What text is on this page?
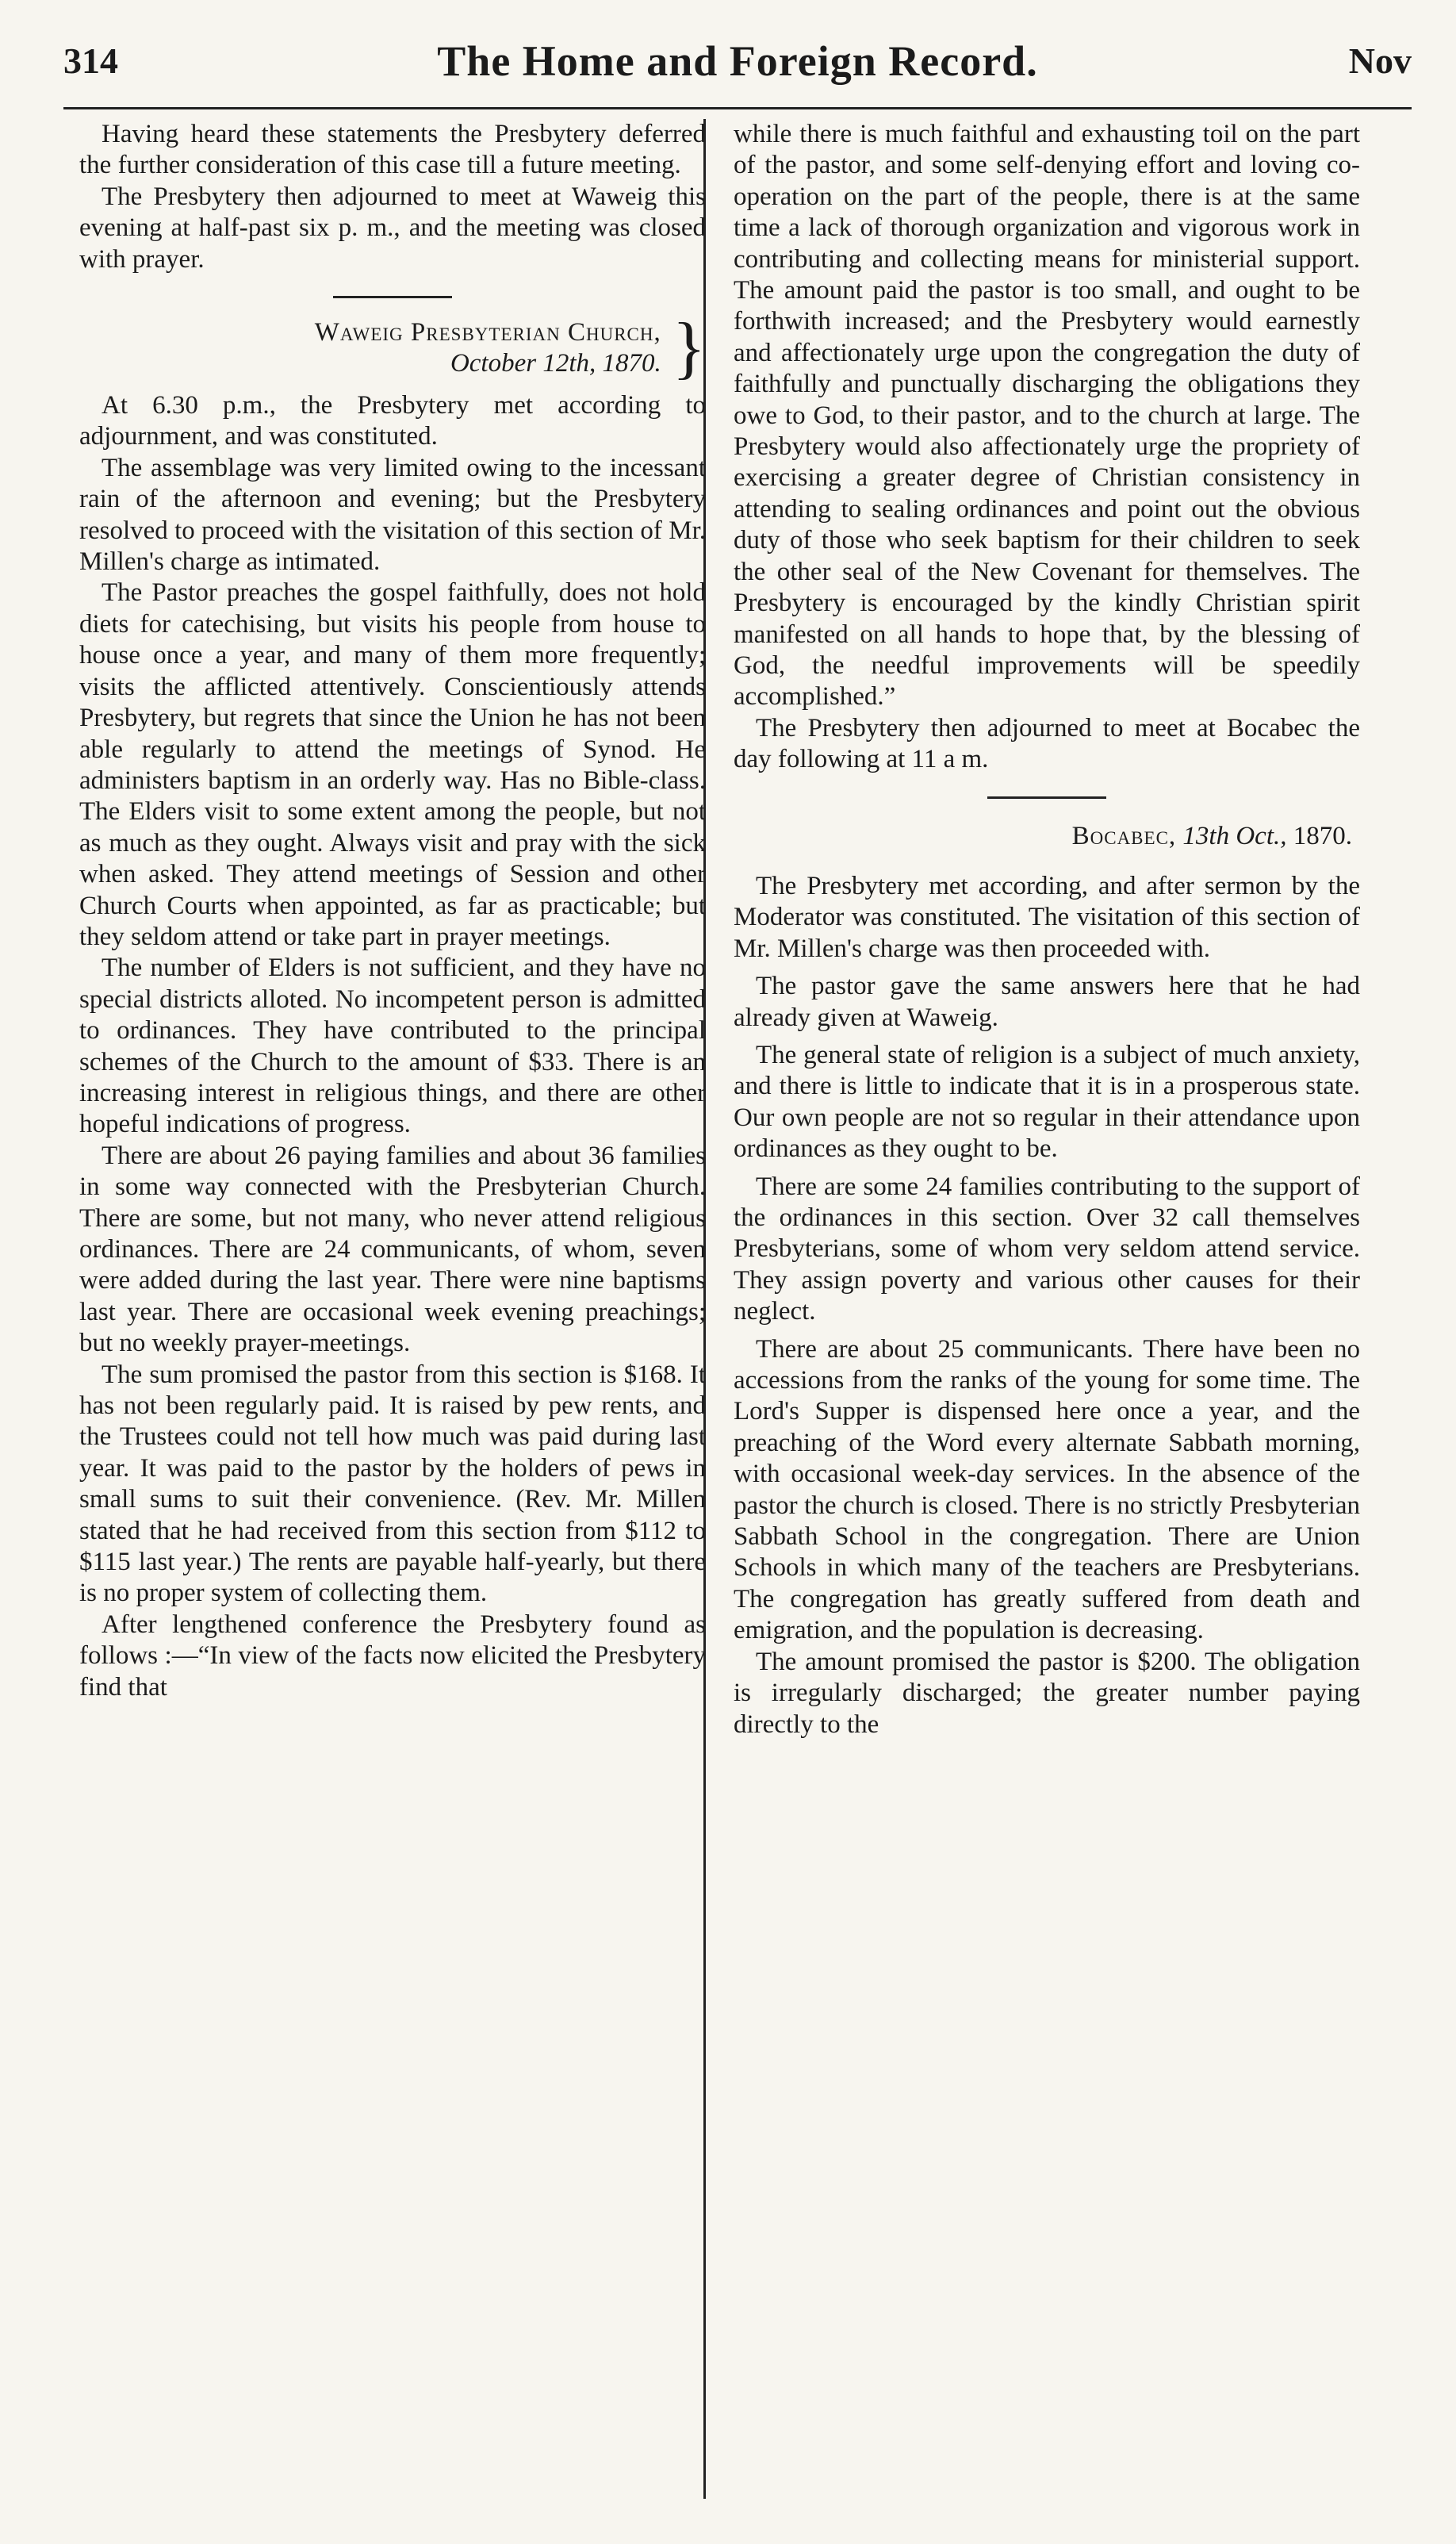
314	The Home and Foreign Record.	Nov

Having heard these statements the Presbytery deferred the further consideration of this case till a future meeting.

The Presbytery then adjourned to meet at Waweig this evening at half-past six p. m., and the meeting was closed with prayer.

Waweig Presbyterian Church,
October 12th, 1870. }

At 6.30 p.m., the Presbytery met according to adjournment, and was constituted.

The assemblage was very limited owing to the incessant rain of the afternoon and evening; but the Presbytery resolved to proceed with the visitation of this section of Mr. Millen's charge as intimated.

The Pastor preaches the gospel faithfully, does not hold diets for catechising, but visits his people from house to house once a year, and many of them more frequently; visits the afflicted attentively. Conscientiously attends Presbytery, but regrets that since the Union he has not been able regularly to attend the meetings of Synod. He administers baptism in an orderly way. Has no Bible-class. The Elders visit to some extent among the people, but not as much as they ought. Always visit and pray with the sick when asked. They attend meetings of Session and other Church Courts when appointed, as far as practicable; but they seldom attend or take part in prayer meetings.

The number of Elders is not sufficient, and they have no special districts alloted. No incompetent person is admitted to ordinances. They have contributed to the principal schemes of the Church to the amount of $33. There is an increasing interest in religious things, and there are other hopeful indications of progress.

There are about 26 paying families and about 36 families in some way connected with the Presbyterian Church. There are some, but not many, who never attend religious ordinances. There are 24 communicants, of whom, seven were added during the last year. There were nine baptisms last year. There are occasional week evening preachings; but no weekly prayer-meetings.

The sum promised the pastor from this section is $168. It has not been regularly paid. It is raised by pew rents, and the Trustees could not tell how much was paid during last year. It was paid to the pastor by the holders of pews in small sums to suit their convenience. (Rev. Mr. Millen stated that he had received from this section from $112 to $115 last year.) The rents are payable half-yearly, but there is no proper system of collecting them.

After lengthened conference the Presbytery found as follows :—“In view of the facts now elicited the Presbytery find that

while there is much faithful and exhausting toil on the part of the pastor, and some self-denying effort and loving co-operation on the part of the people, there is at the same time a lack of thorough organization and vigorous work in contributing and collecting means for ministerial support. The amount paid the pastor is too small, and ought to be forthwith increased; and the Presbytery would earnestly and affectionately urge upon the congregation the duty of faithfully and punctually discharging the obligations they owe to God, to their pastor, and to the church at large. The Presbytery would also affectionately urge the propriety of exercising a greater degree of Christian consistency in attending to sealing ordinances and point out the obvious duty of those who seek baptism for their children to seek the other seal of the New Covenant for themselves. The Presbytery is encouraged by the kindly Christian spirit manifested on all hands to hope that, by the blessing of God, the needful improvements will be speedily accomplished.”

The Presbytery then adjourned to meet at Bocabec the day following at 11 a m.

Bocabec, 13th Oct., 1870.

The Presbytery met according, and after sermon by the Moderator was constituted. The visitation of this section of Mr. Millen's charge was then proceeded with.

The pastor gave the same answers here that he had already given at Waweig.

The general state of religion is a subject of much anxiety, and there is little to indicate that it is in a prosperous state. Our own people are not so regular in their attendance upon ordinances as they ought to be.

There are some 24 families contributing to the support of the ordinances in this section. Over 32 call themselves Presbyterians, some of whom very seldom attend service. They assign poverty and various other causes for their neglect.

There are about 25 communicants. There have been no accessions from the ranks of the young for some time. The Lord's Supper is dispensed here once a year, and the preaching of the Word every alternate Sabbath morning, with occasional week-day services. In the absence of the pastor the church is closed. There is no strictly Presbyterian Sabbath School in the congregation. There are Union Schools in which many of the teachers are Presbyterians. The congregation has greatly suffered from death and emigration, and the population is decreasing.

The amount promised the pastor is $200. The obligation is irregularly discharged; the greater number paying directly to the
